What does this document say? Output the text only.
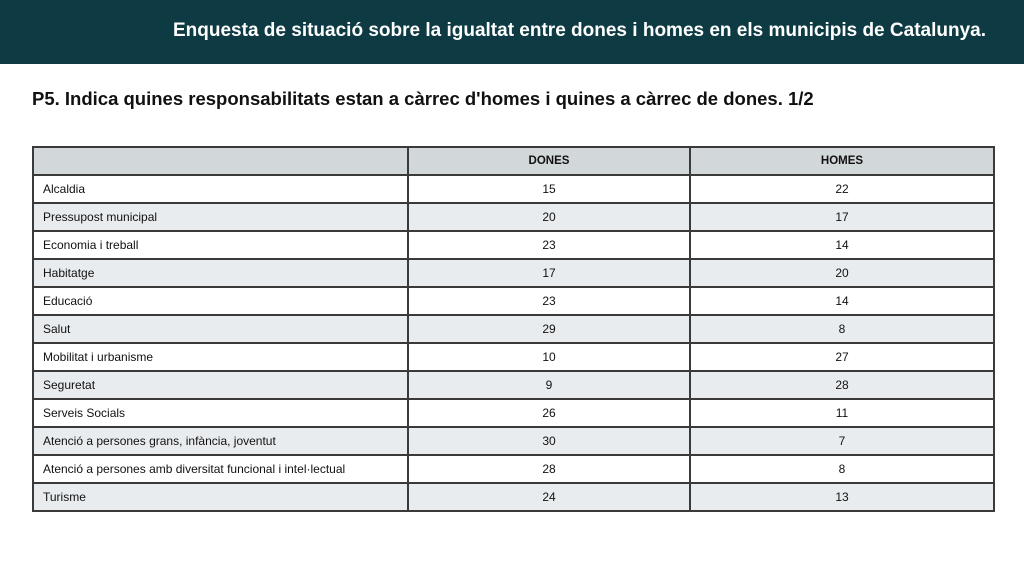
Enquesta de situació sobre la igualtat entre dones i homes en els municipis de Catalunya.
P5. Indica quines responsabilitats estan a càrrec d'homes i quines a càrrec de dones. 1/2
	DONES	HOMES
Alcaldia	15	22
Pressupost municipal	20	17
Economia i treball	23	14
Habitatge	17	20
Educació	23	14
Salut	29	8
Mobilitat i urbanisme	10	27
Seguretat	9	28
Serveis Socials	26	11
Atenció a persones grans, infància, joventut	30	7
Atenció a persones amb diversitat funcional i intel·lectual	28	8
Turisme	24	13
